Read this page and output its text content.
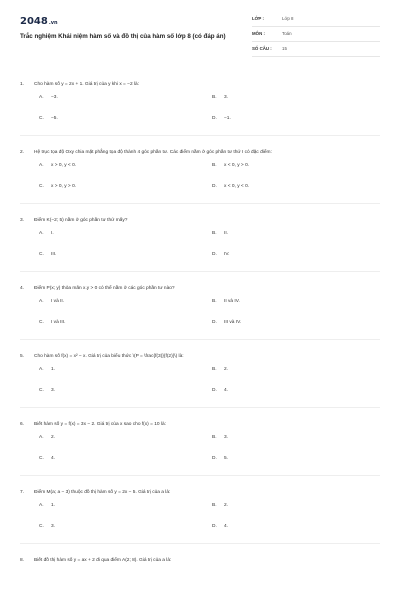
2048.vn
Trắc nghiệm Khái niệm hàm số và đồ thị của hàm số lớp 8 (có đáp án)
LỚP :	Lớp 8
MÔN :	Toán
SỐ CÂU : 15
1.	Cho hàm số y = 2x + 1. Giá trị của y khi x = −2 là:
A. −3.	B. 3.
C. −5.	D. −1.
2.	Hệ trục tọa độ Oxy chia mặt phẳng tọa độ thành 4 góc phần tư. Các điểm nằm ở góc phần tư thứ I có đặc điểm:
A. x > 0, y < 0.	B. x < 0, y > 0.
C. x > 0, y > 0.	D. x < 0, y < 0.
3.	Điểm K(−2; 5) nằm ở góc phần tư thứ mấy?
A. I.	B. II.
C. III.	D. IV.
4.	Điểm P(x; y) thỏa mãn x.y > 0 có thể nằm ở các góc phần tư nào?
A. I và II.	B. II và IV.
C. I và III.	D. III và IV.
5.	Cho hàm số f(x) = x² − x. Giá trị của biểu thức \(P = \frac{f(3)}{f(2)}\) là:
A. 1.	B. 2.
C. 3.	D. 4.
6.	Biết hàm số y = f(x) = 3x − 2. Giá trị của x sao cho f(x) = 10 là:
A. 2.	B. 3.
C. 4.	D. 5.
7.	Điểm M(a; a − 3) thuộc đồ thị hàm số y = 2x − 5. Giá trị của a là:
A. 1.	B. 2.
C. 3.	D. 4.
8.	Biết đồ thị hàm số y = ax + 2 đi qua điểm A(2; 8). Giá trị của a là:
